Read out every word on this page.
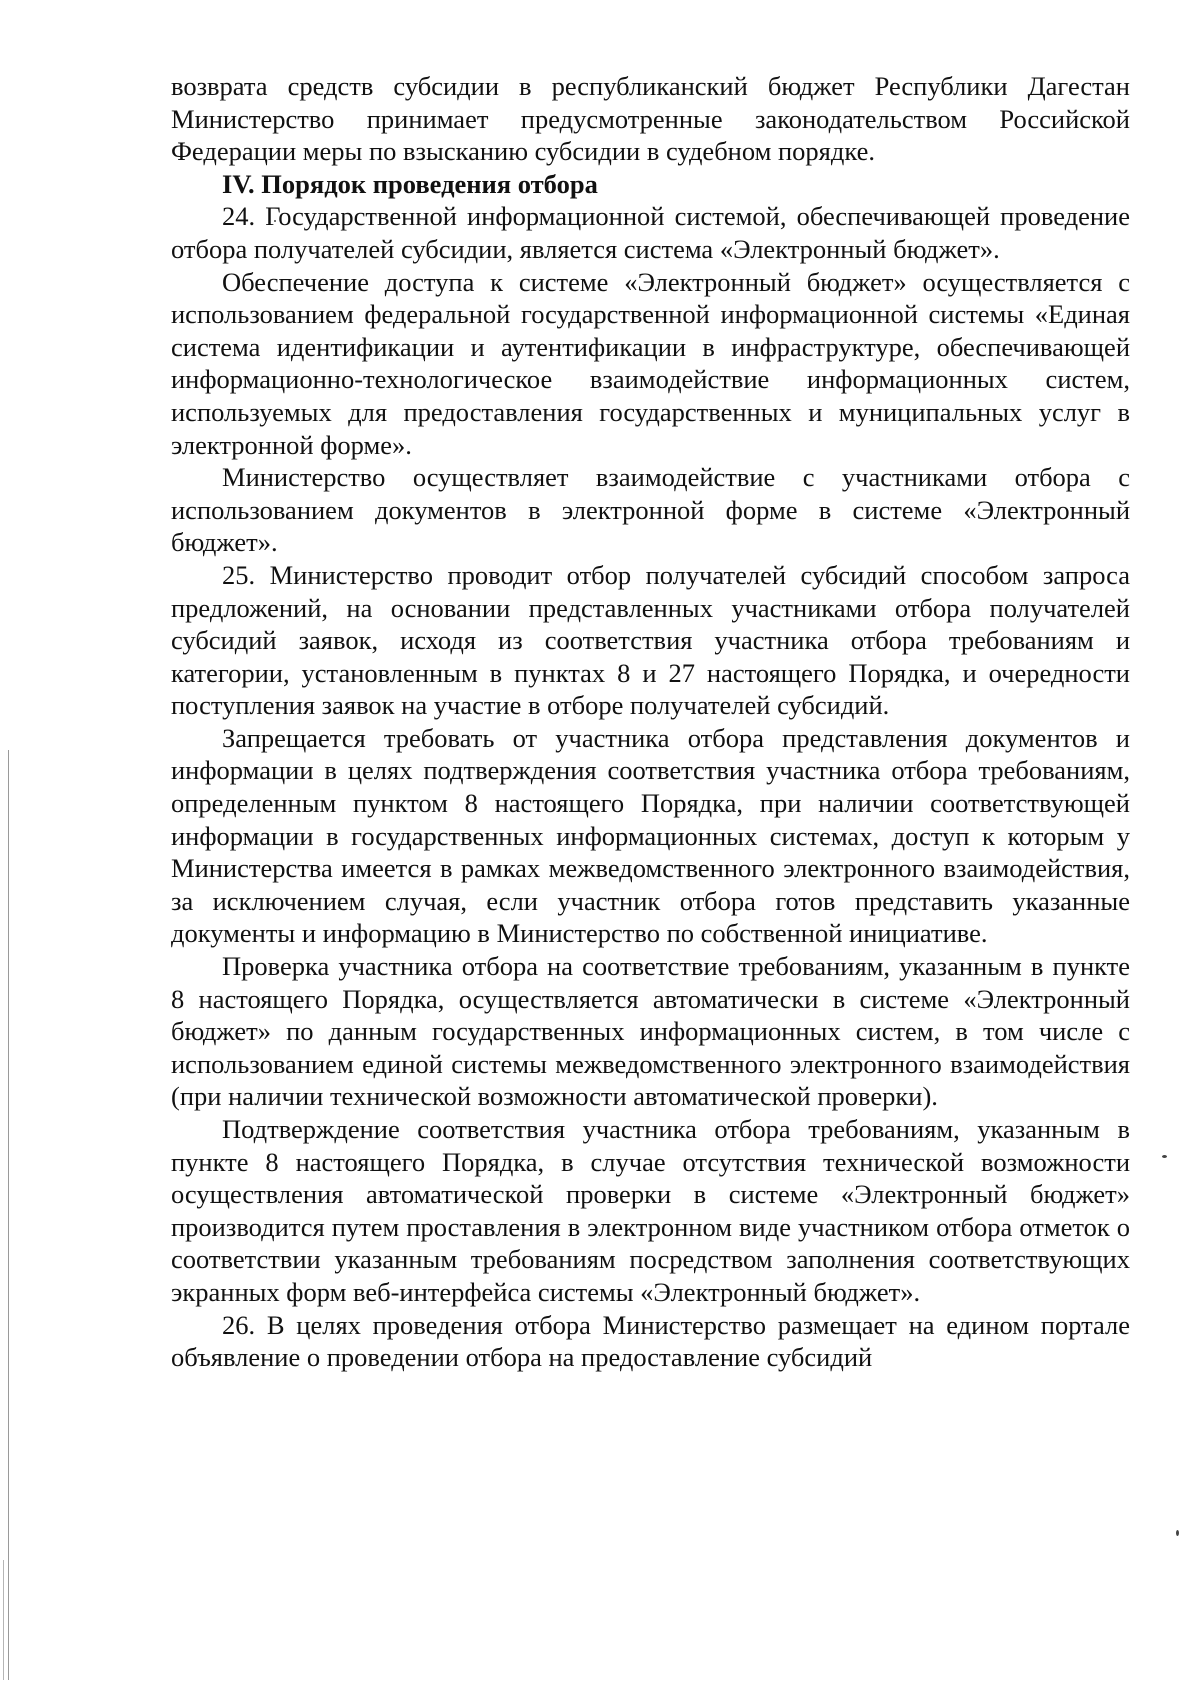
возврата средств субсидии в республиканский бюджет Республики Дагестан Министерство принимает предусмотренные законодательством Российской Федерации меры по взысканию субсидии в судебном порядке.

IV. Порядок проведения отбора

24. Государственной информационной системой, обеспечивающей проведение отбора получателей субсидии, является система «Электронный бюджет».

Обеспечение доступа к системе «Электронный бюджет» осуществляется с использованием федеральной государственной информационной системы «Единая система идентификации и аутентификации в инфраструктуре, обеспечивающей информационно-технологическое взаимодействие информационных систем, используемых для предоставления государственных и муниципальных услуг в электронной форме».

Министерство осуществляет взаимодействие с участниками отбора с использованием документов в электронной форме в системе «Электронный бюджет».

25. Министерство проводит отбор получателей субсидий способом запроса предложений, на основании представленных участниками отбора получателей субсидий заявок, исходя из соответствия участника отбора требованиям и категории, установленным в пунктах 8 и 27 настоящего Порядка, и очередности поступления заявок на участие в отборе получателей субсидий.

Запрещается требовать от участника отбора представления документов и информации в целях подтверждения соответствия участника отбора требованиям, определенным пунктом 8 настоящего Порядка, при наличии соответствующей информации в государственных информационных системах, доступ к которым у Министерства имеется в рамках межведомственного электронного взаимодействия, за исключением случая, если участник отбора готов представить указанные документы и информацию в Министерство по собственной инициативе.

Проверка участника отбора на соответствие требованиям, указанным в пункте 8 настоящего Порядка, осуществляется автоматически в системе «Электронный бюджет» по данным государственных информационных систем, в том числе с использованием единой системы межведомственного электронного взаимодействия (при наличии технической возможности автоматической проверки).

Подтверждение соответствия участника отбора требованиям, указанным в пункте 8 настоящего Порядка, в случае отсутствия технической возможности осуществления автоматической проверки в системе «Электронный бюджет» производится путем проставления в электронном виде участником отбора отметок о соответствии указанным требованиям посредством заполнения соответствующих экранных форм веб-интерфейса системы «Электронный бюджет».

26. В целях проведения отбора Министерство размещает на едином портале объявление о проведении отбора на предоставление субсидий
